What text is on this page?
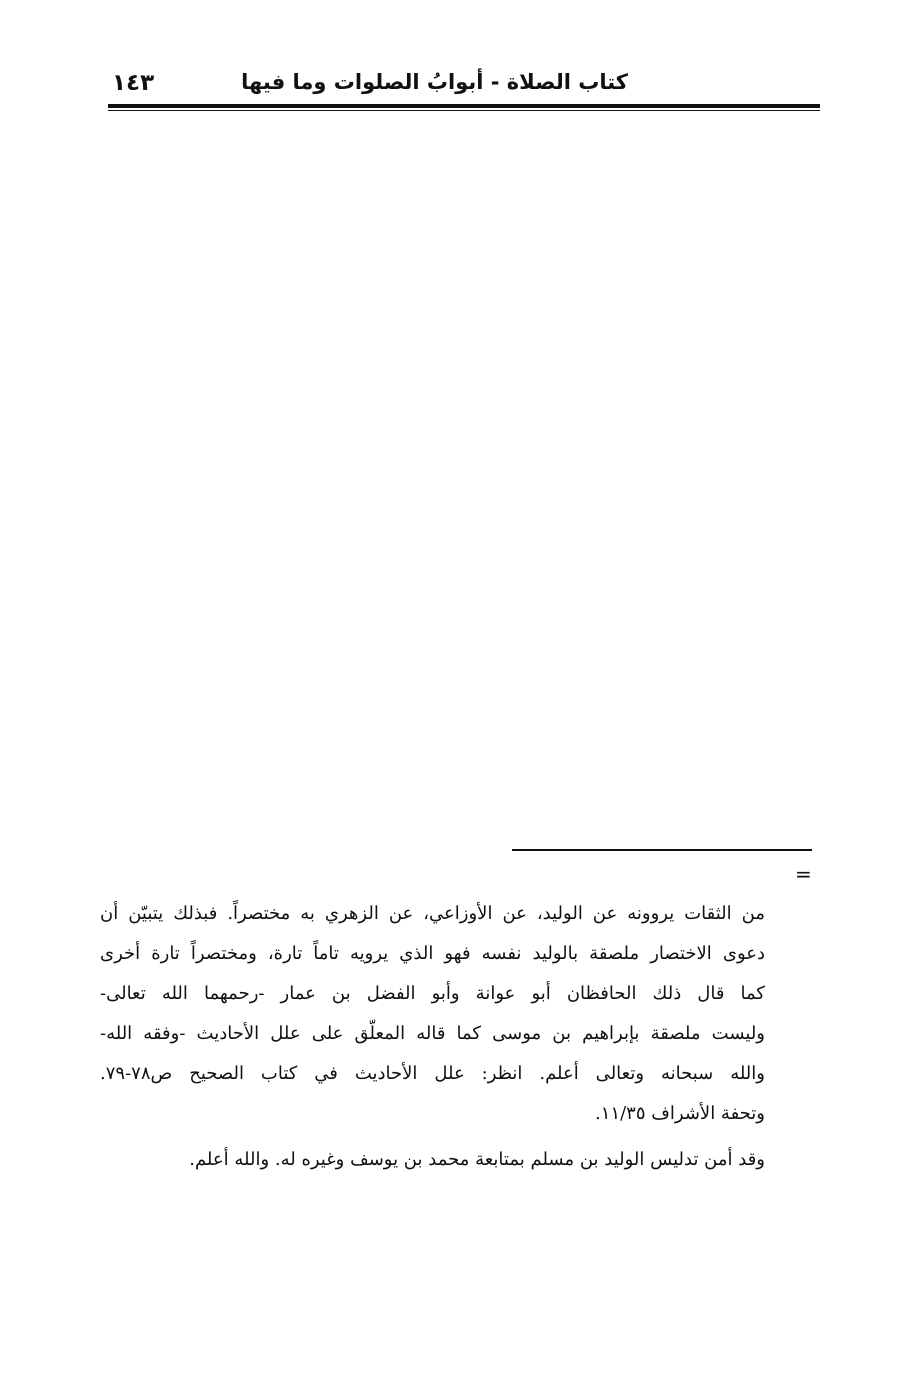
كتاب الصلاة - أبوابُ الصلوات وما فيها
١٤٣
=
من الثقات يروونه عن الوليد، عن الأوزاعي، عن الزهري به مختصراً. فبذلك يتبيّن أن
دعوى الاختصار ملصقة بالوليد نفسه فهو الذي يرويه تاماً تارة، ومختصراً تارة أخرى
كما قال ذلك الحافظان أبو عوانة وأبو الفضل بن عمار -رحمهما الله تعالى-
وليست ملصقة بإبراهيم بن موسى كما قاله المعلّق على علل الأحاديث -وفقه الله-
والله سبحانه وتعالى أعلم. انظر: علل الأحاديث في كتاب الصحيح ص٧٨-٧٩.
وتحفة الأشراف ١١/٣٥.
وقد أمن تدليس الوليد بن مسلم بمتابعة محمد بن يوسف وغيره له. والله أعلم.
